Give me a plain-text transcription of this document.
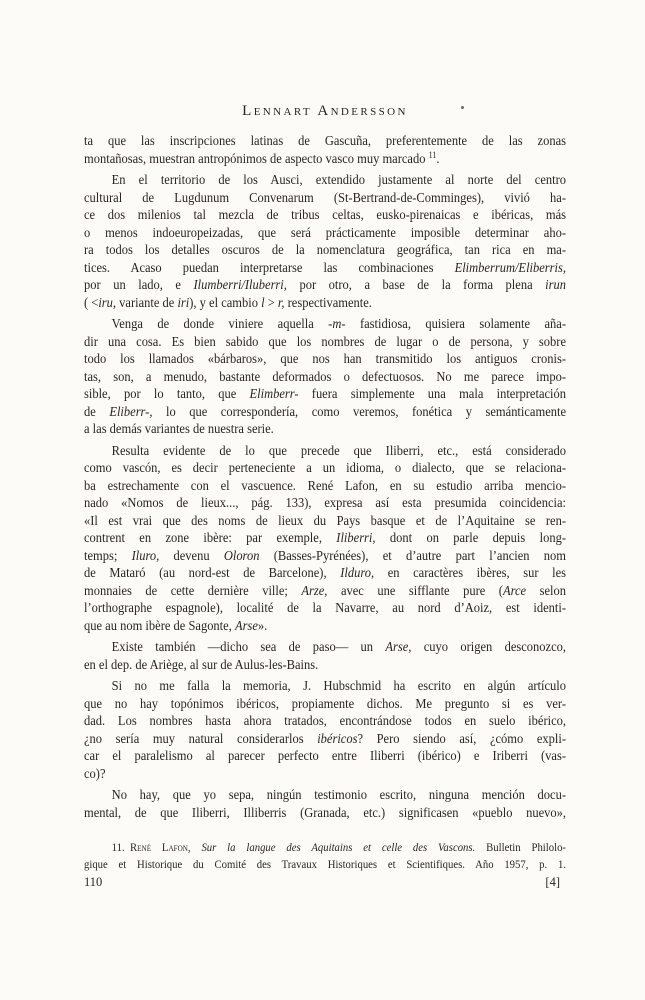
Lennart Andersson
ta que las inscripciones latinas de Gascuña, preferentemente de las zonas
montañosas, muestran antropónimos de aspecto vasco muy marcado $^{11}$.
En el territorio de los Ausci, extendido justamente al norte del centro
cultural de Lugdunum Convenarum (St-Bertrand-de-Comminges), vivió ha-
ce dos milenios tal mezcla de tribus celtas, eusko-pirenaicas e ibéricas, más
o menos indoeuropeizadas, que será prácticamente imposible determinar aho-
ra todos los detalles oscuros de la nomenclatura geográfica, tan rica en ma-
tices. Acaso puedan interpretarse las combinaciones Elimberrum/Eliberris,
por un lado, e Ilumberri/Iluberri, por otro, a base de la forma plena irun
( <iru, variante de iri), y el cambio l > r, respectivamente.
Venga de donde viniere aquella -m- fastidiosa, quisiera solamente aña-
dir una cosa. Es bien sabido que los nombres de lugar o de persona, y sobre
todo los llamados «bárbaros», que nos han transmitido los antiguos cronis-
tas, son, a menudo, bastante deformados o defectuosos. No me parece impo-
sible, por lo tanto, que Elimberr- fuera simplemente una mala interpretación
de Eliberr-, lo que correspondería, como veremos, fonética y semánticamente
a las demás variantes de nuestra serie.
Resulta evidente de lo que precede que Iliberri, etc., está considerado
como vascón, es decir perteneciente a un idioma, o dialecto, que se relaciona-
ba estrechamente con el vascuence. René Lafon, en su estudio arriba mencio-
nado «Nomos de lieux..., pág. 133), expresa así esta presumida coincidencia:
«Il est vrai que des noms de lieux du Pays basque et de l’Aquitaine se ren-
contrent en zone ibère: par exemple, Iliberri, dont on parle depuis long-
temps; Iluro, devenu Oloron (Basses-Pyrénées), et d’autre part l’ancien nom
de Mataró (au nord-est de Barcelone), Ilduro, en caractères ibères, sur les
monnaies de cette dernière ville; Arze, avec une sifflante pure (Arce selon
l’orthographe espagnole), localité de la Navarre, au nord d’Aoiz, est identi-
que au nom ibère de Sagonte, Arse».
Existe también —dicho sea de paso— un Arse, cuyo origen desconozco,
en el dep. de Ariège, al sur de Aulus-les-Bains.
Si no me falla la memoria, J. Hubschmid ha escrito en algún artículo
que no hay topónimos ibéricos, propiamente dichos. Me pregunto si es ver-
dad. Los nombres hasta ahora tratados, encontrándose todos en suelo ibérico,
¿no sería muy natural considerarlos ibéricos? Pero siendo así, ¿cómo expli-
car el paralelismo al parecer perfecto entre Iliberri (ibérico) e Iriberri (vas-
co)?
No hay, que yo sepa, ningún testimonio escrito, ninguna mención docu-
mental, de que Iliberri, Illiberris (Granada, etc.) significasen «pueblo nuevo»,
11. René Lafon, Sur la langue des Aquitains et celle des Vascons. Bulletin Philolo-
gique et Historique du Comité des Travaux Historiques et Scientifiques. Año 1957, p. 1.
110	[4]
